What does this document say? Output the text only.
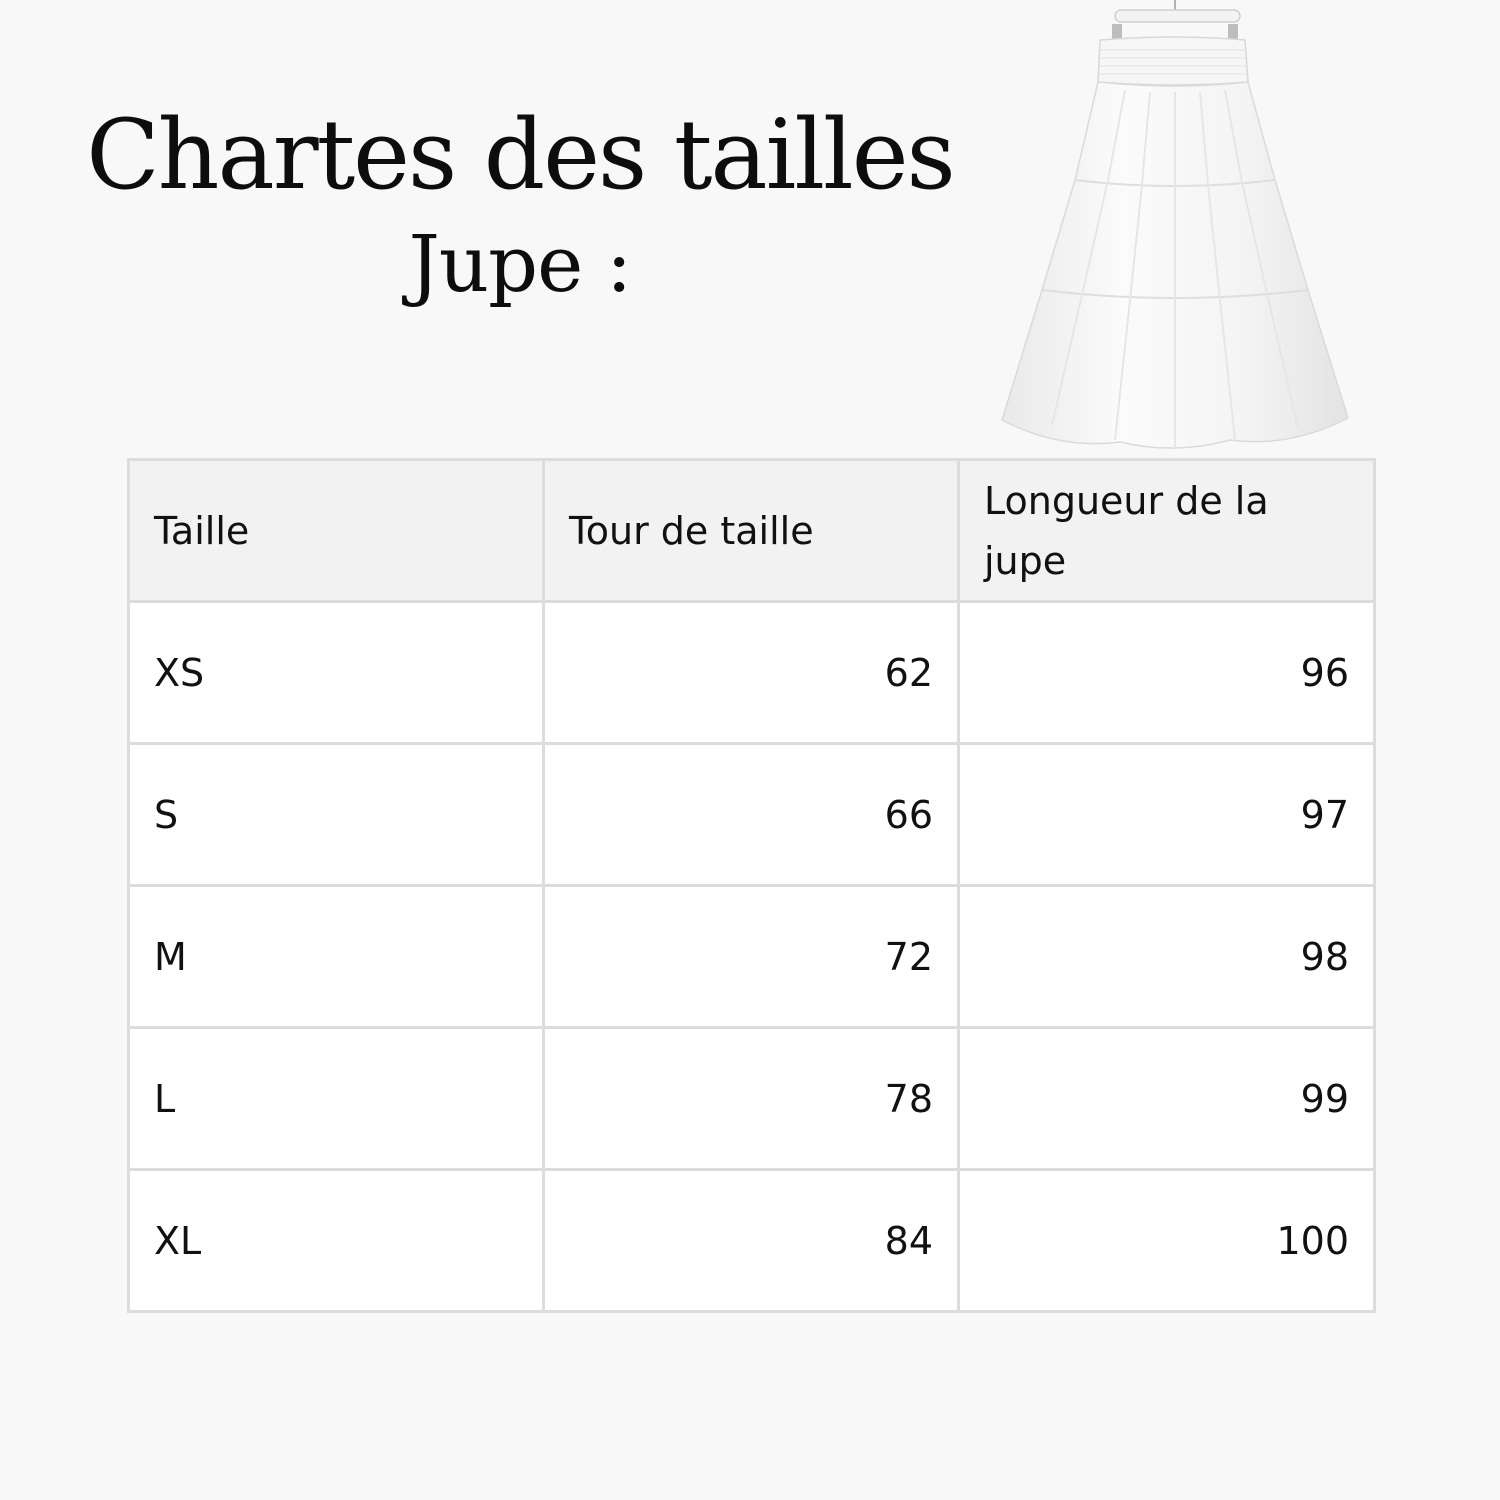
Chartes des tailles
Jupe :
Taille	Tour de taille	Longueur de la jupe
XS	62	96
S	66	97
M	72	98
L	78	99
XL	84	100
